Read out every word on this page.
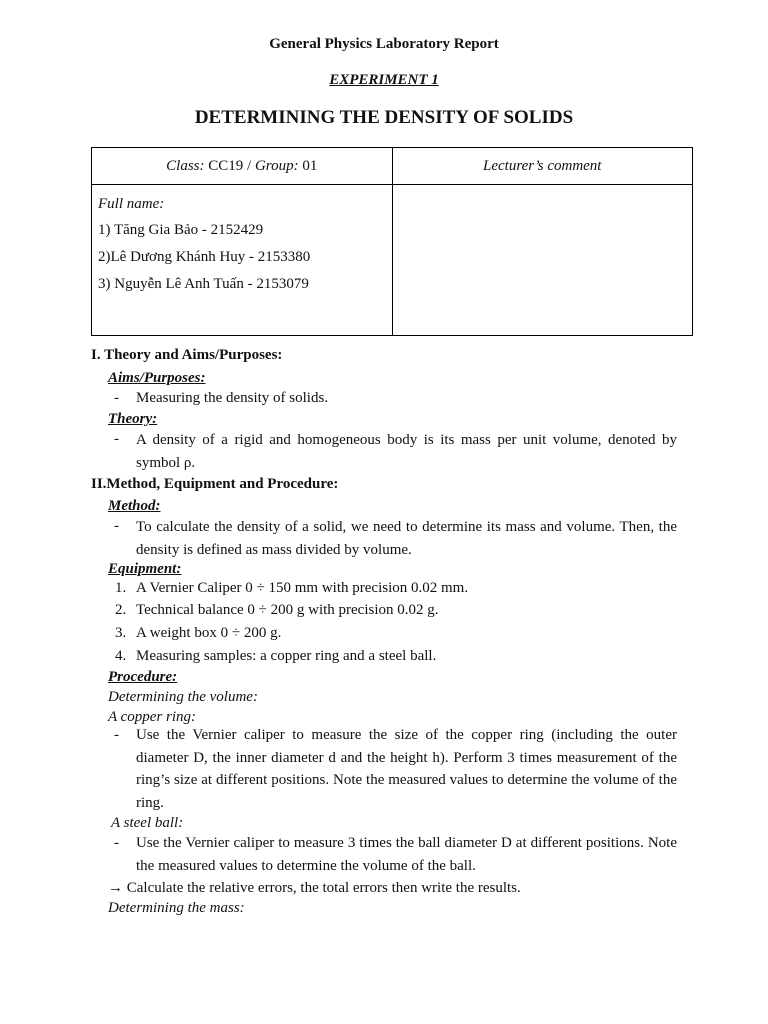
General Physics Laboratory Report
EXPERIMENT 1
DETERMINING THE DENSITY OF SOLIDS
Class: CC19 / Group: 01	Lecturer’s comment

Full name:
1) Tăng Gia Bảo - 2152429
2)Lê Dương Khánh Huy - 2153380
3) Nguyễn Lê Anh Tuấn - 2153079	

I. Theory and Aims/Purposes:
Aims/Purposes:
- Measuring the density of solids.
Theory:
- A density of a rigid and homogeneous body is its mass per unit volume, denoted by symbol ρ.
II.Method, Equipment and Procedure:
Method:
- To calculate the density of a solid, we need to determine its mass and volume. Then, the density is defined as mass divided by volume.
Equipment:
1. A Vernier Caliper 0 ÷ 150 mm with precision 0.02 mm.
2. Technical balance 0 ÷ 200 g with precision 0.02 g.
3. A weight box 0 ÷ 200 g.
4. Measuring samples: a copper ring and a steel ball.
Procedure:
Determining the volume:
A copper ring:
- Use the Vernier caliper to measure the size of the copper ring (including the outer diameter D, the inner diameter d and the height h). Perform 3 times measurement of the ring’s size at different positions. Note the measured values to determine the volume of the ring.
A steel ball:
- Use the Vernier caliper to measure 3 times the ball diameter D at different positions. Note the measured values to determine the volume of the ball.
→ Calculate the relative errors, the total errors then write the results.
Determining the mass:
